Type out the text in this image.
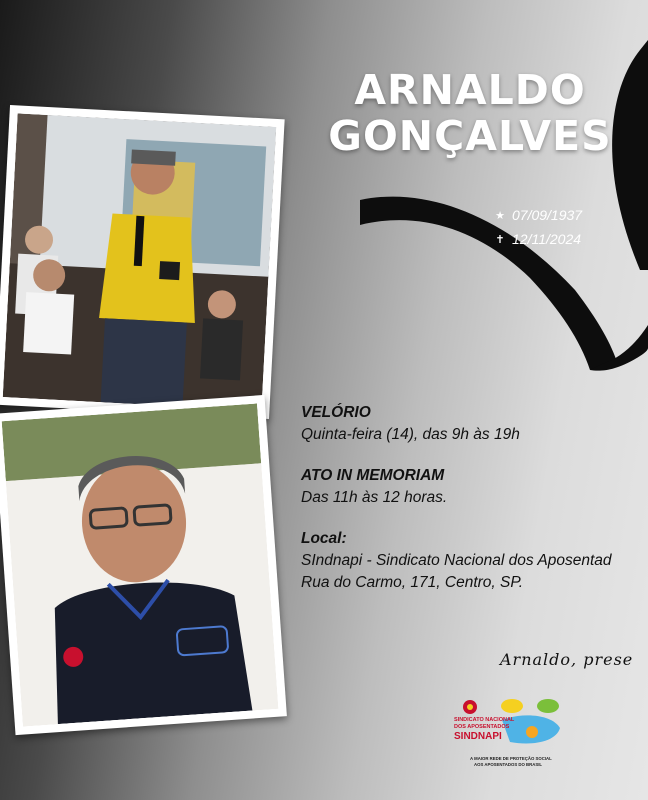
ARNALDO
GONÇALVES
★ 07/09/1937
✝ 12/11/2024
VELÓRIO
Quinta-feira (14), das 9h às 19h
ATO IN MEMORIAM
Das 11h às 12 horas.
Local:
SIndnapi - Sindicato Nacional dos Aposentad
Rua do Carmo, 171, Centro, SP.
Arnaldo, prese
SINDICATO NACIONAL
DOS APOSENTADOS
SINDNAPI
A MAIOR REDE DE PROTEÇÃO SOCIAL
AOS APOSENTADOS DO BRASIL
